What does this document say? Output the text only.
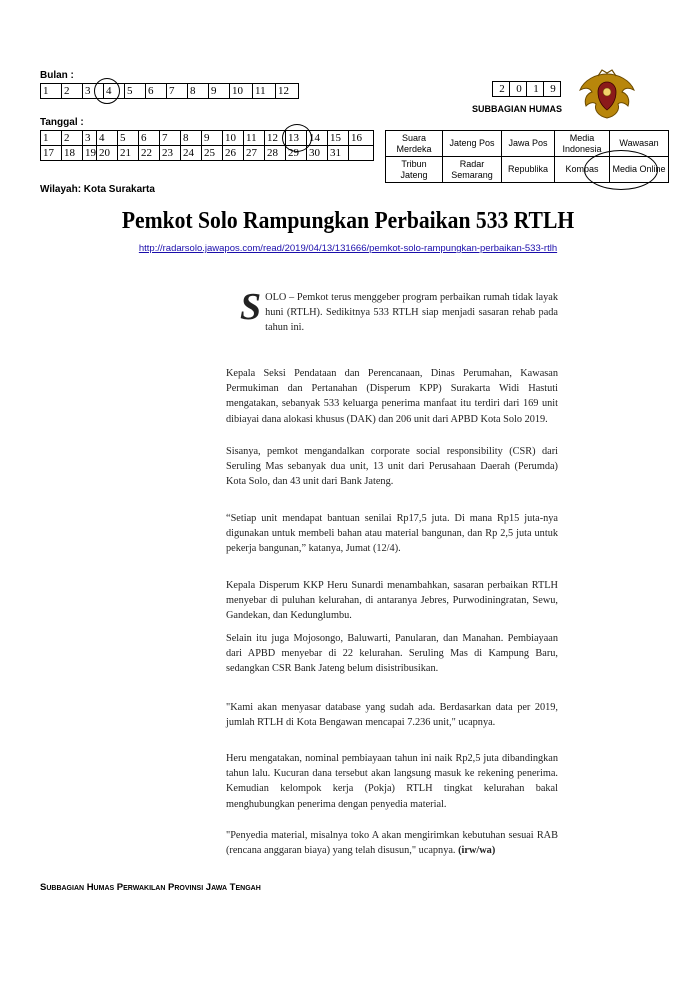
Bulan :
1	2	3	4	5	6	7	8	9	10	11	12
Tanggal :
1	2	3	4	5	6	7	8	9	10	11	12	13	14	15	16
17	18	19	20	21	22	23	24	25	26	27	28	29	30	31	
Wilayah: Kota Surakarta
2	0	1	9
SUBBAGIAN HUMAS
Suara Merdeka	Jateng Pos	Jawa Pos	Media Indonesia	Wawasan
Tribun Jateng	Radar Semarang	Republika	Kompas	Media Online
Pemkot Solo Rampungkan Perbaikan 533 RTLH
http://radarsolo.jawapos.com/read/2019/04/13/131666/pemkot-solo-rampungkan-perbaikan-533-rtlh

SOLO – Pemkot terus menggeber program perbaikan rumah tidak layak huni (RTLH). Sedikitnya 533 RTLH siap menjadi sasaran rehab pada tahun ini.

Kepala Seksi Pendataan dan Perencanaan, Dinas Perumahan, Kawasan Permukiman dan Pertanahan (Disperum KPP) Surakarta Widi Hastuti mengatakan, sebanyak 533 keluarga penerima manfaat itu terdiri dari 169 unit dibiayai dana alokasi khusus (DAK) dan 206 unit dari APBD Kota Solo 2019.
Sisanya, pemkot mengandalkan corporate social responsibility (CSR) dari Seruling Mas sebanyak dua unit, 13 unit dari Perusahaan Daerah (Perumda) Kota Solo, dan 43 unit dari Bank Jateng.
“Setiap unit mendapat bantuan senilai Rp17,5 juta. Di mana Rp15 juta-nya digunakan untuk membeli bahan atau material bangunan, dan Rp 2,5 juta untuk pekerja bangunan,” katanya, Jumat (12/4).
Kepala Disperum KKP Heru Sunardi menambahkan, sasaran perbaikan RTLH menyebar di puluhan kelurahan, di antaranya Jebres, Purwodiningratan, Sewu, Gandekan, dan Kedunglumbu.
Selain itu juga Mojosongo, Baluwarti, Panularan, dan Manahan. Pembiayaan dari APBD menyebar di 22 kelurahan. Seruling Mas di Kampung Baru, sedangkan CSR Bank Jateng belum disistribusikan.
"Kami akan menyasar database yang sudah ada. Berdasarkan data per 2019, jumlah RTLH di Kota Bengawan mencapai 7.236 unit," ucapnya.
Heru mengatakan, nominal pembiayaan tahun ini naik Rp2,5 juta dibandingkan tahun lalu. Kucuran dana tersebut akan langsung masuk ke rekening penerima. Kemudian kelompok kerja (Pokja) RTLH tingkat kelurahan bakal menghubungkan penerima dengan penyedia material.
"Penyedia material, misalnya toko A akan mengirimkan kebutuhan sesuai RAB (rencana anggaran biaya) yang telah disusun," ucapnya. (irw/wa)
Subbagian Humas Perwakilan Provinsi Jawa Tengah
